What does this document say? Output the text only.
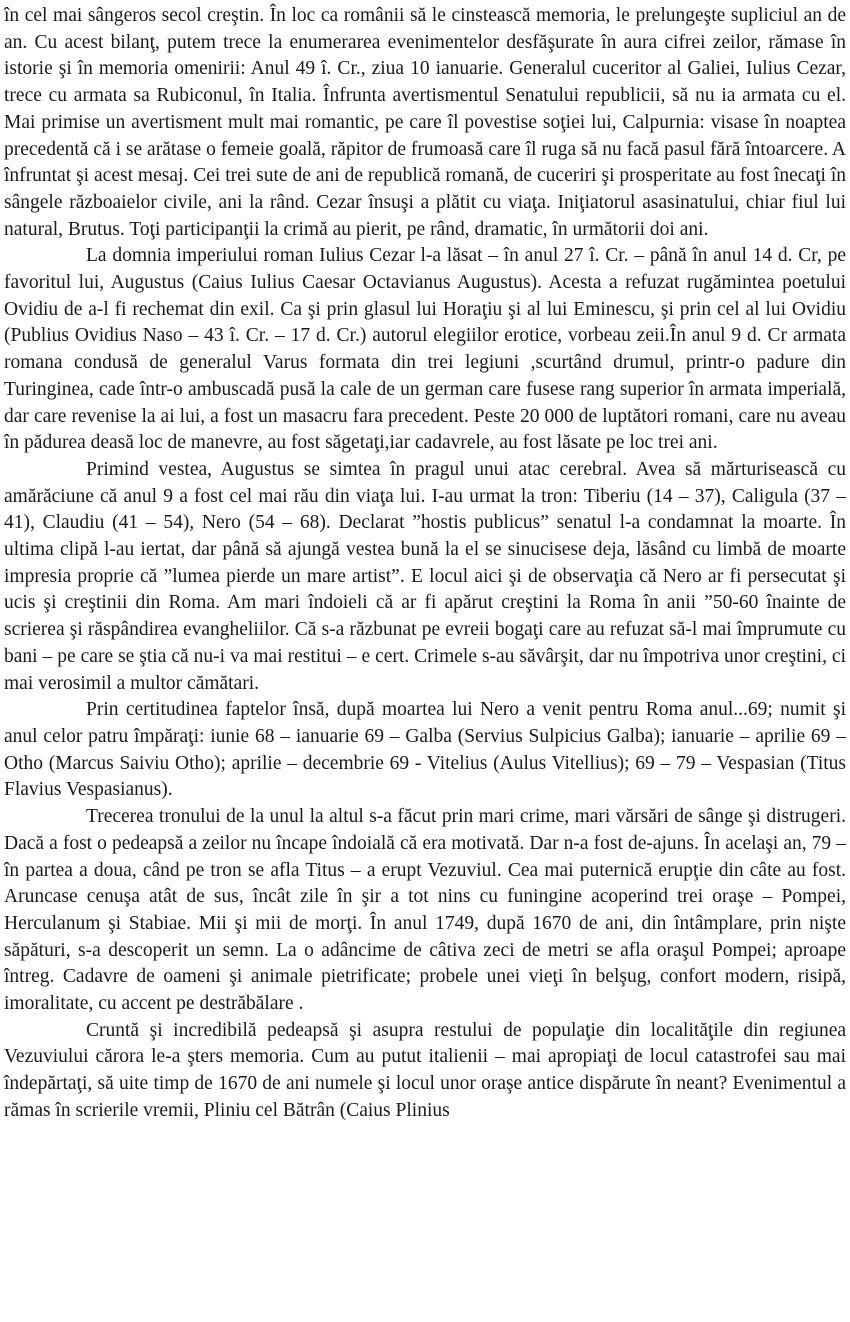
în cel mai sângeros secol creştin. În loc ca românii să le cinstească memoria, le prelungeşte supliciul an de an. Cu acest bilanţ, putem trece la enumerarea evenimentelor desfăşurate în aura cifrei zeilor, rămase în istorie şi în memoria omenirii: Anul 49 î. Cr., ziua 10 ianuarie. Generalul cuceritor al Galiei, Iulius Cezar, trece cu armata sa Rubiconul, în Italia. Înfrunta avertismentul Senatului republicii, să nu ia armata cu el. Mai primise un avertisment mult mai romantic, pe care îl povestise soţiei lui, Calpurnia: visase în noaptea precedentă că i se arătase o femeie goală, răpitor de frumoasă care îl ruga să nu facă pasul fără întoarcere. A înfruntat şi acest mesaj. Cei trei sute de ani de republică romană, de cuceriri şi prosperitate au fost înecaţi în sângele războaielor civile, ani la rând. Cezar însuşi a plătit cu viaţa. Iniţiatorul asasinatului, chiar fiul lui natural, Brutus. Toţi participanţii la crimă au pierit, pe rând, dramatic, în următorii doi ani.

La domnia imperiului roman Iulius Cezar l-a lăsat – în anul 27 î. Cr. – până în anul 14 d. Cr, pe favoritul lui, Augustus (Caius Iulius Caesar Octavianus Augustus). Acesta a refuzat rugămintea poetului Ovidiu de a-l fi rechemat din exil. Ca şi prin glasul lui Horaţiu şi al lui Eminescu, şi prin cel al lui Ovidiu (Publius Ovidius Naso – 43 î. Cr. – 17 d. Cr.) autorul elegiilor erotice, vorbeau zeii.În anul 9 d. Cr armata romana condusă de generalul Varus formata din trei legiuni ,scurtând drumul, printr-o padure din Turinginea, cade într-o ambuscadă pusă la cale de un german care fusese rang superior în armata imperială, dar care revenise la ai lui, a fost un masacru fara precedent. Peste 20 000 de luptători romani, care nu aveau în pădurea deasă loc de manevre, au fost săgetaţi,iar cadavrele, au fost lăsate pe loc trei ani.

Primind vestea, Augustus se simtea în pragul unui atac cerebral. Avea să mărturisească cu amărăciune că anul 9 a fost cel mai rău din viaţa lui. I-au urmat la tron: Tiberiu (14 – 37), Caligula (37 – 41), Claudiu (41 – 54), Nero (54 – 68). Declarat ”hostis publicus” senatul l-a condamnat la moarte. În ultima clipă l-au iertat, dar până să ajungă vestea bună la el se sinucisese deja, lăsând cu limbă de moarte impresia proprie că ”lumea pierde un mare artist”. E locul aici şi de observaţia că Nero ar fi persecutat şi ucis şi creştinii din Roma. Am mari îndoieli că ar fi apărut creştini la Roma în anii ”50-60 înainte de scrierea şi răspândirea evangheliilor. Că s-a răzbunat pe evreii bogaţi care au refuzat să-l mai împrumute cu bani – pe care se ştia că nu-i va mai restitui – e cert. Crimele s-au săvârşit, dar nu împotriva unor creştini, ci mai verosimil a multor cămătari.

Prin certitudinea faptelor însă, după moartea lui Nero a venit pentru Roma anul...69; numit şi anul celor patru împăraţi: iunie 68 – ianuarie 69 – Galba (Servius Sulpicius Galba); ianuarie – aprilie 69 – Otho (Marcus Saiviu Otho); aprilie – decembrie 69 - Vitelius (Aulus Vitellius); 69 – 79 – Vespasian (Titus Flavius Vespasianus).

Trecerea tronului de la unul la altul s-a făcut prin mari crime, mari vărsări de sânge şi distrugeri. Dacă a fost o pedeapsă a zeilor nu încape îndoială că era motivată. Dar n-a fost de-ajuns. În acelaşi an, 79 – în partea a doua, când pe tron se afla Titus – a erupt Vezuviul. Cea mai puternică erupţie din câte au fost. Aruncase cenuşa atât de sus, încât zile în şir a tot nins cu funingine acoperind trei oraşe – Pompei, Herculanum şi Stabiae. Mii şi mii de morţi. În anul 1749, după 1670 de ani, din întâmplare, prin nişte săpături, s-a descoperit un semn. La o adâncime de câtiva zeci de metri se afla oraşul Pompei; aproape întreg. Cadavre de oameni şi animale pietrificate; probele unei vieţi în belşug, confort modern, risipă, imoralitate, cu accent pe destrăbălare .

Cruntă şi incredibilă pedeapsă şi asupra restului de populaţie din localităţile din regiunea Vezuviului cărora le-a şters memoria. Cum au putut italienii – mai apropiaţi de locul catastrofei sau mai îndepărtaţi, să uite timp de 1670 de ani numele şi locul unor oraşe antice dispărute în neant? Evenimentul a rămas în scrierile vremii, Pliniu cel Bătrân (Caius Plinius
